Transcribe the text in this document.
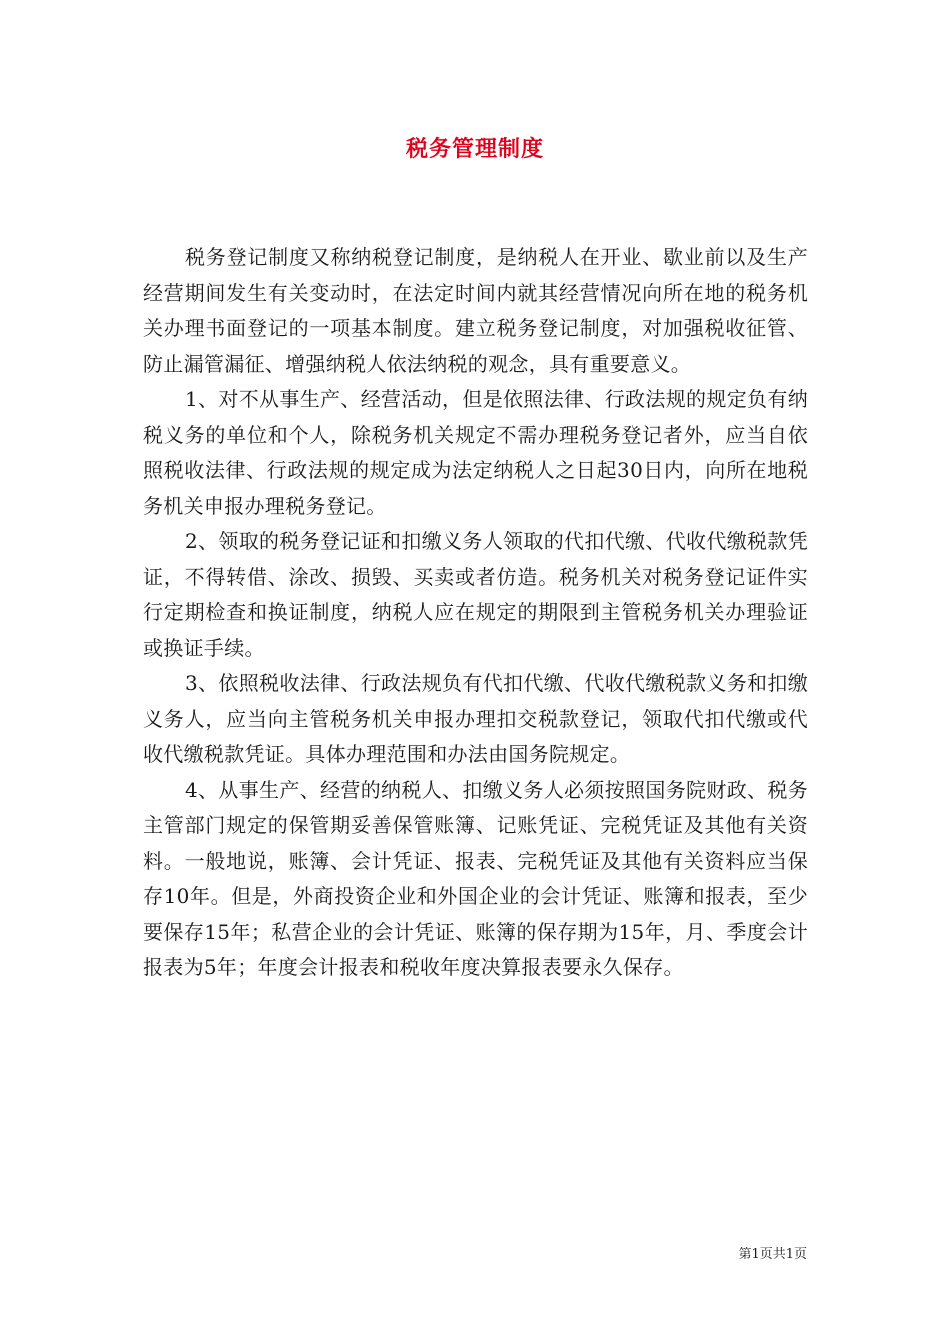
税务管理制度

税务登记制度又称纳税登记制度，是纳税人在开业、歇业前以及生产经营期间发生有关变动时，在法定时间内就其经营情况向所在地的税务机关办理书面登记的一项基本制度。建立税务登记制度，对加强税收征管、防止漏管漏征、增强纳税人依法纳税的观念，具有重要意义。

1、对不从事生产、经营活动，但是依照法律、行政法规的规定负有纳税义务的单位和个人，除税务机关规定不需办理税务登记者外，应当自依照税收法律、行政法规的规定成为法定纳税人之日起30日内，向所在地税务机关申报办理税务登记。

2、领取的税务登记证和扣缴义务人领取的代扣代缴、代收代缴税款凭证，不得转借、涂改、损毁、买卖或者仿造。税务机关对税务登记证件实行定期检查和换证制度，纳税人应在规定的期限到主管税务机关办理验证或换证手续。

3、依照税收法律、行政法规负有代扣代缴、代收代缴税款义务和扣缴义务人，应当向主管税务机关申报办理扣交税款登记，领取代扣代缴或代收代缴税款凭证。具体办理范围和办法由国务院规定。

4、从事生产、经营的纳税人、扣缴义务人必须按照国务院财政、税务主管部门规定的保管期妥善保管账簿、记账凭证、完税凭证及其他有关资料。一般地说，账簿、会计凭证、报表、完税凭证及其他有关资料应当保存10年。但是，外商投资企业和外国企业的会计凭证、账簿和报表，至少要保存15年；私营企业的会计凭证、账簿的保存期为15年，月、季度会计报表为5年；年度会计报表和税收年度决算报表要永久保存。

第1页共1页
